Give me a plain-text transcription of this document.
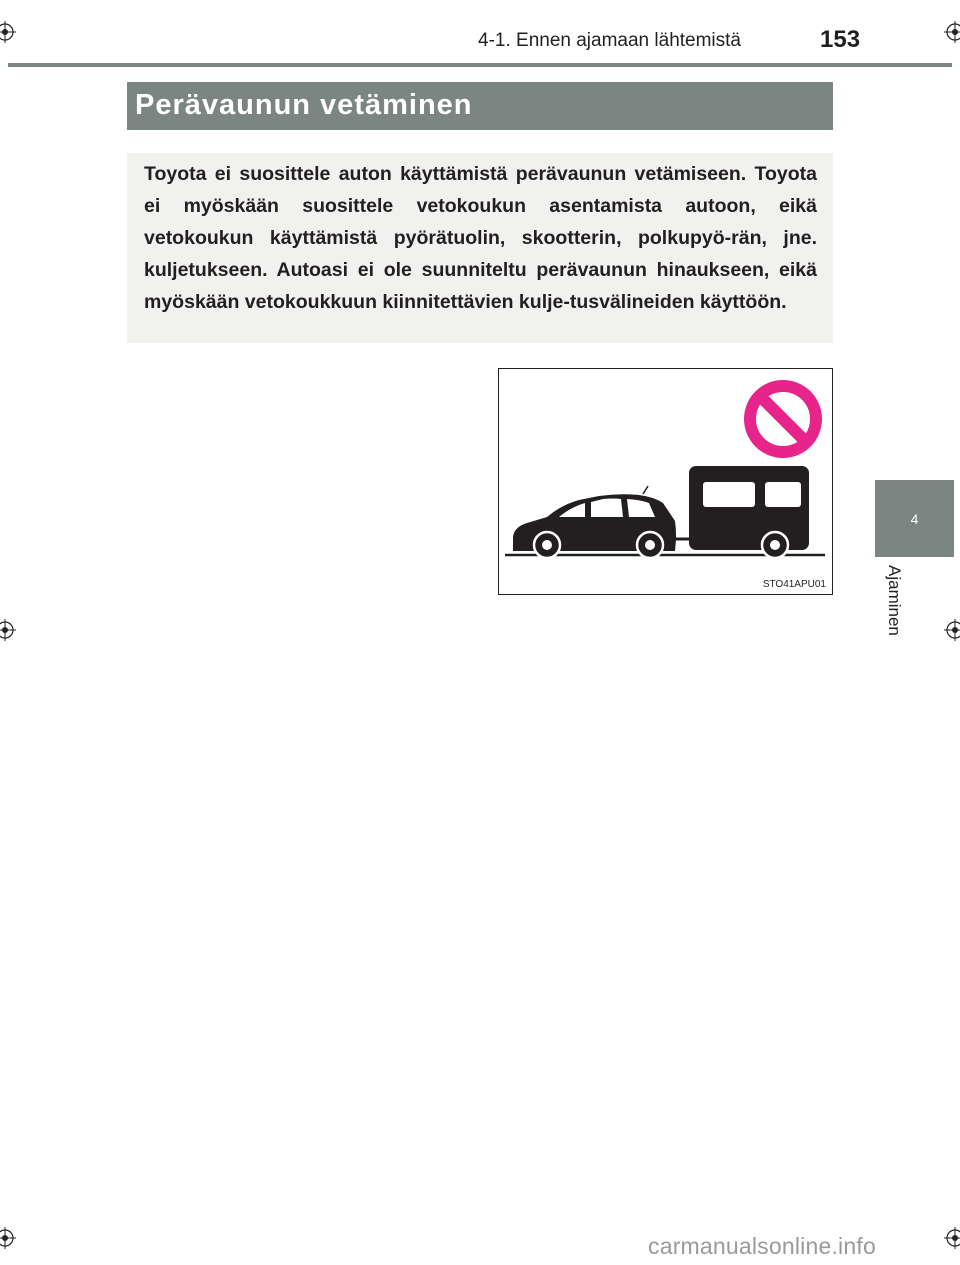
4-1. Ennen ajamaan lähtemistä	153
Perävaunun vetäminen

Toyota ei suosittele auton käyttämistä perävaunun vetämiseen. Toyota ei myöskään suosittele vetokoukun asentamista autoon, eikä vetokoukun käyttämistä pyörätuolin, skootterin, polkupyö-rän, jne. kuljetukseen. Autoasi ei ole suunniteltu perävaunun hinaukseen, eikä myöskään vetokoukkuun kiinnitettävien kulje-tusvälineiden käyttöön.

STO41APU01
4
Ajaminen
carmanualsonline.info
